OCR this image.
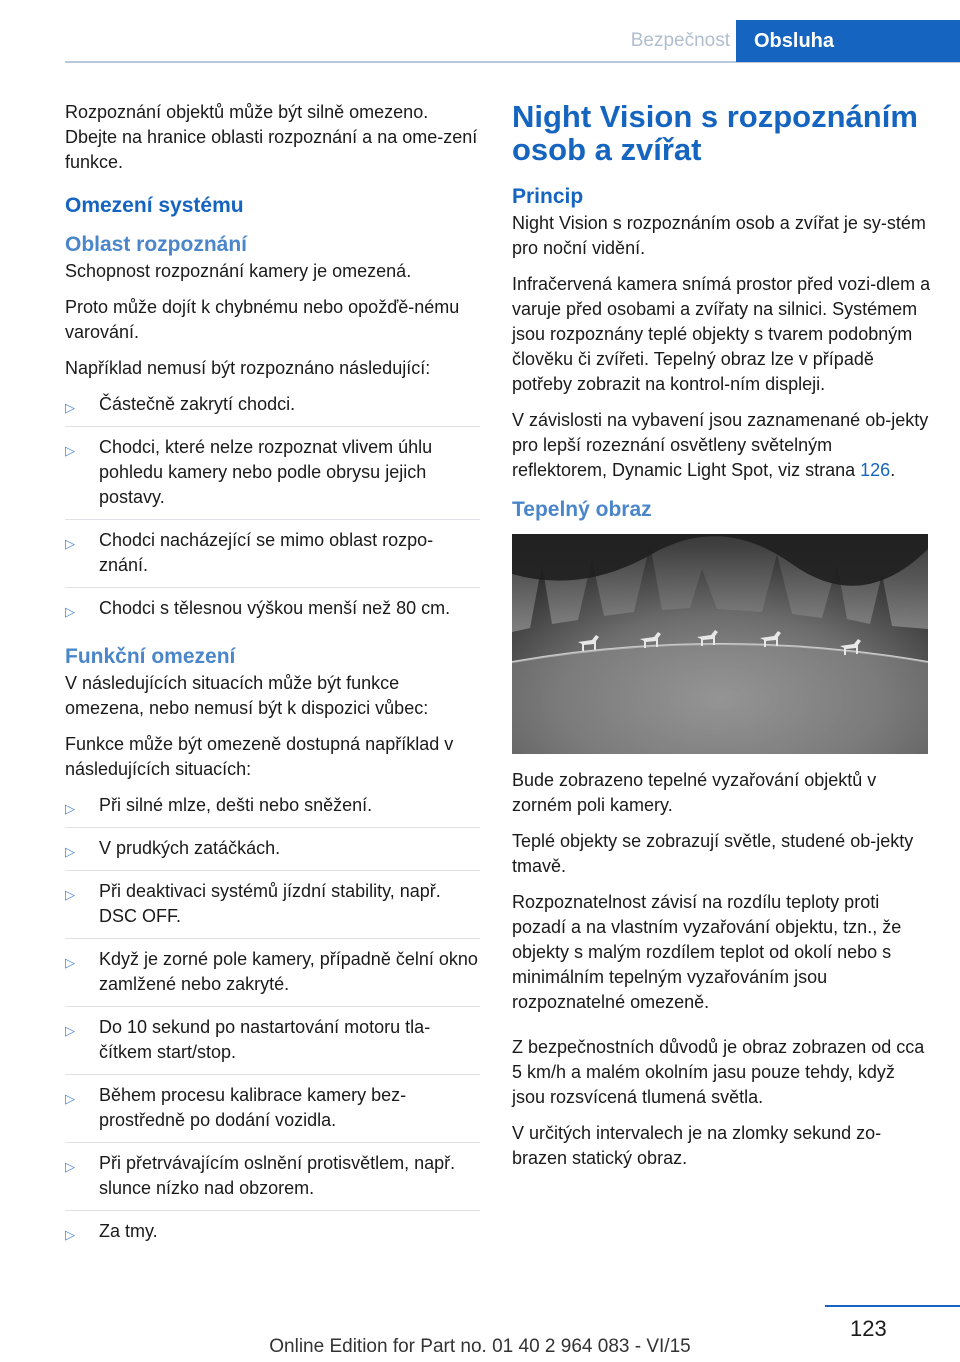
Bezpečnost Obsluha

Rozpoznání objektů může být silně omezeno. Dbejte na hranice oblasti rozpoznání a na ome-zení funkce.

Omezení systému
Oblast rozpoznání

Schopnost rozpoznání kamery je omezená.

Proto může dojít k chybnému nebo opožďě-nému varování.

Například nemusí být rozpoznáno následující:

▷ Částečně zakrytí chodci.
▷ Chodci, které nelze rozpoznat vlivem úhlu pohledu kamery nebo podle obrysu jejich postavy.
▷ Chodci nacházející se mimo oblast rozpo-znání.
▷ Chodci s tělesnou výškou menší než 80 cm.
Funkční omezení

V následujících situacích může být funkce omezena, nebo nemusí být k dispozici vůbec:

Funkce může být omezeně dostupná například v následujících situacích:

▷ Při silné mlze, dešti nebo sněžení.
▷ V prudkých zatáčkách.
▷ Při deaktivaci systémů jízdní stability, např. DSC OFF.
▷ Když je zorné pole kamery, případně čelní okno zamlžené nebo zakryté.
▷ Do 10 sekund po nastartování motoru tla-čítkem start/stop.
▷ Během procesu kalibrace kamery bez-prostředně po dodání vozidla.
▷ Při přetrvávajícím oslnění protisvětlem, např. slunce nízko nad obzorem.
▷ Za tmy.
Night Vision s rozpoznáním osob a zvířat
Princip

Night Vision s rozpoznáním osob a zvířat je sy-stém pro noční vidění.

Infračervená kamera snímá prostor před vozi-dlem a varuje před osobami a zvířaty na silnici. Systémem jsou rozpoznány teplé objekty s tvarem podobným člověku či zvířeti. Tepelný obraz lze v případě potřeby zobrazit na kontrol-ním displeji.

V závislosti na vybavení jsou zaznamenané ob-jekty pro lepší rozeznání osvětleny světelným reflektorem, Dynamic Light Spot, viz strana 126.

Tepelný obraz

Bude zobrazeno tepelné vyzařování objektů v zorném poli kamery.

Teplé objekty se zobrazují světle, studené ob-jekty tmavě.

Rozpoznatelnost závisí na rozdílu teploty proti pozadí a na vlastním vyzařování objektu, tzn., že objekty s malým rozdílem teplot od okolí nebo s minimálním tepelným vyzařováním jsou rozpoznatelné omezeně.

Z bezpečnostních důvodů je obraz zobrazen od cca 5 km/h a malém okolním jasu pouze tehdy, když jsou rozsvícená tlumená světla.

V určitých intervalech je na zlomky sekund zo-brazen statický obraz.

123
Online Edition for Part no. 01 40 2 964 083 - VI/15
